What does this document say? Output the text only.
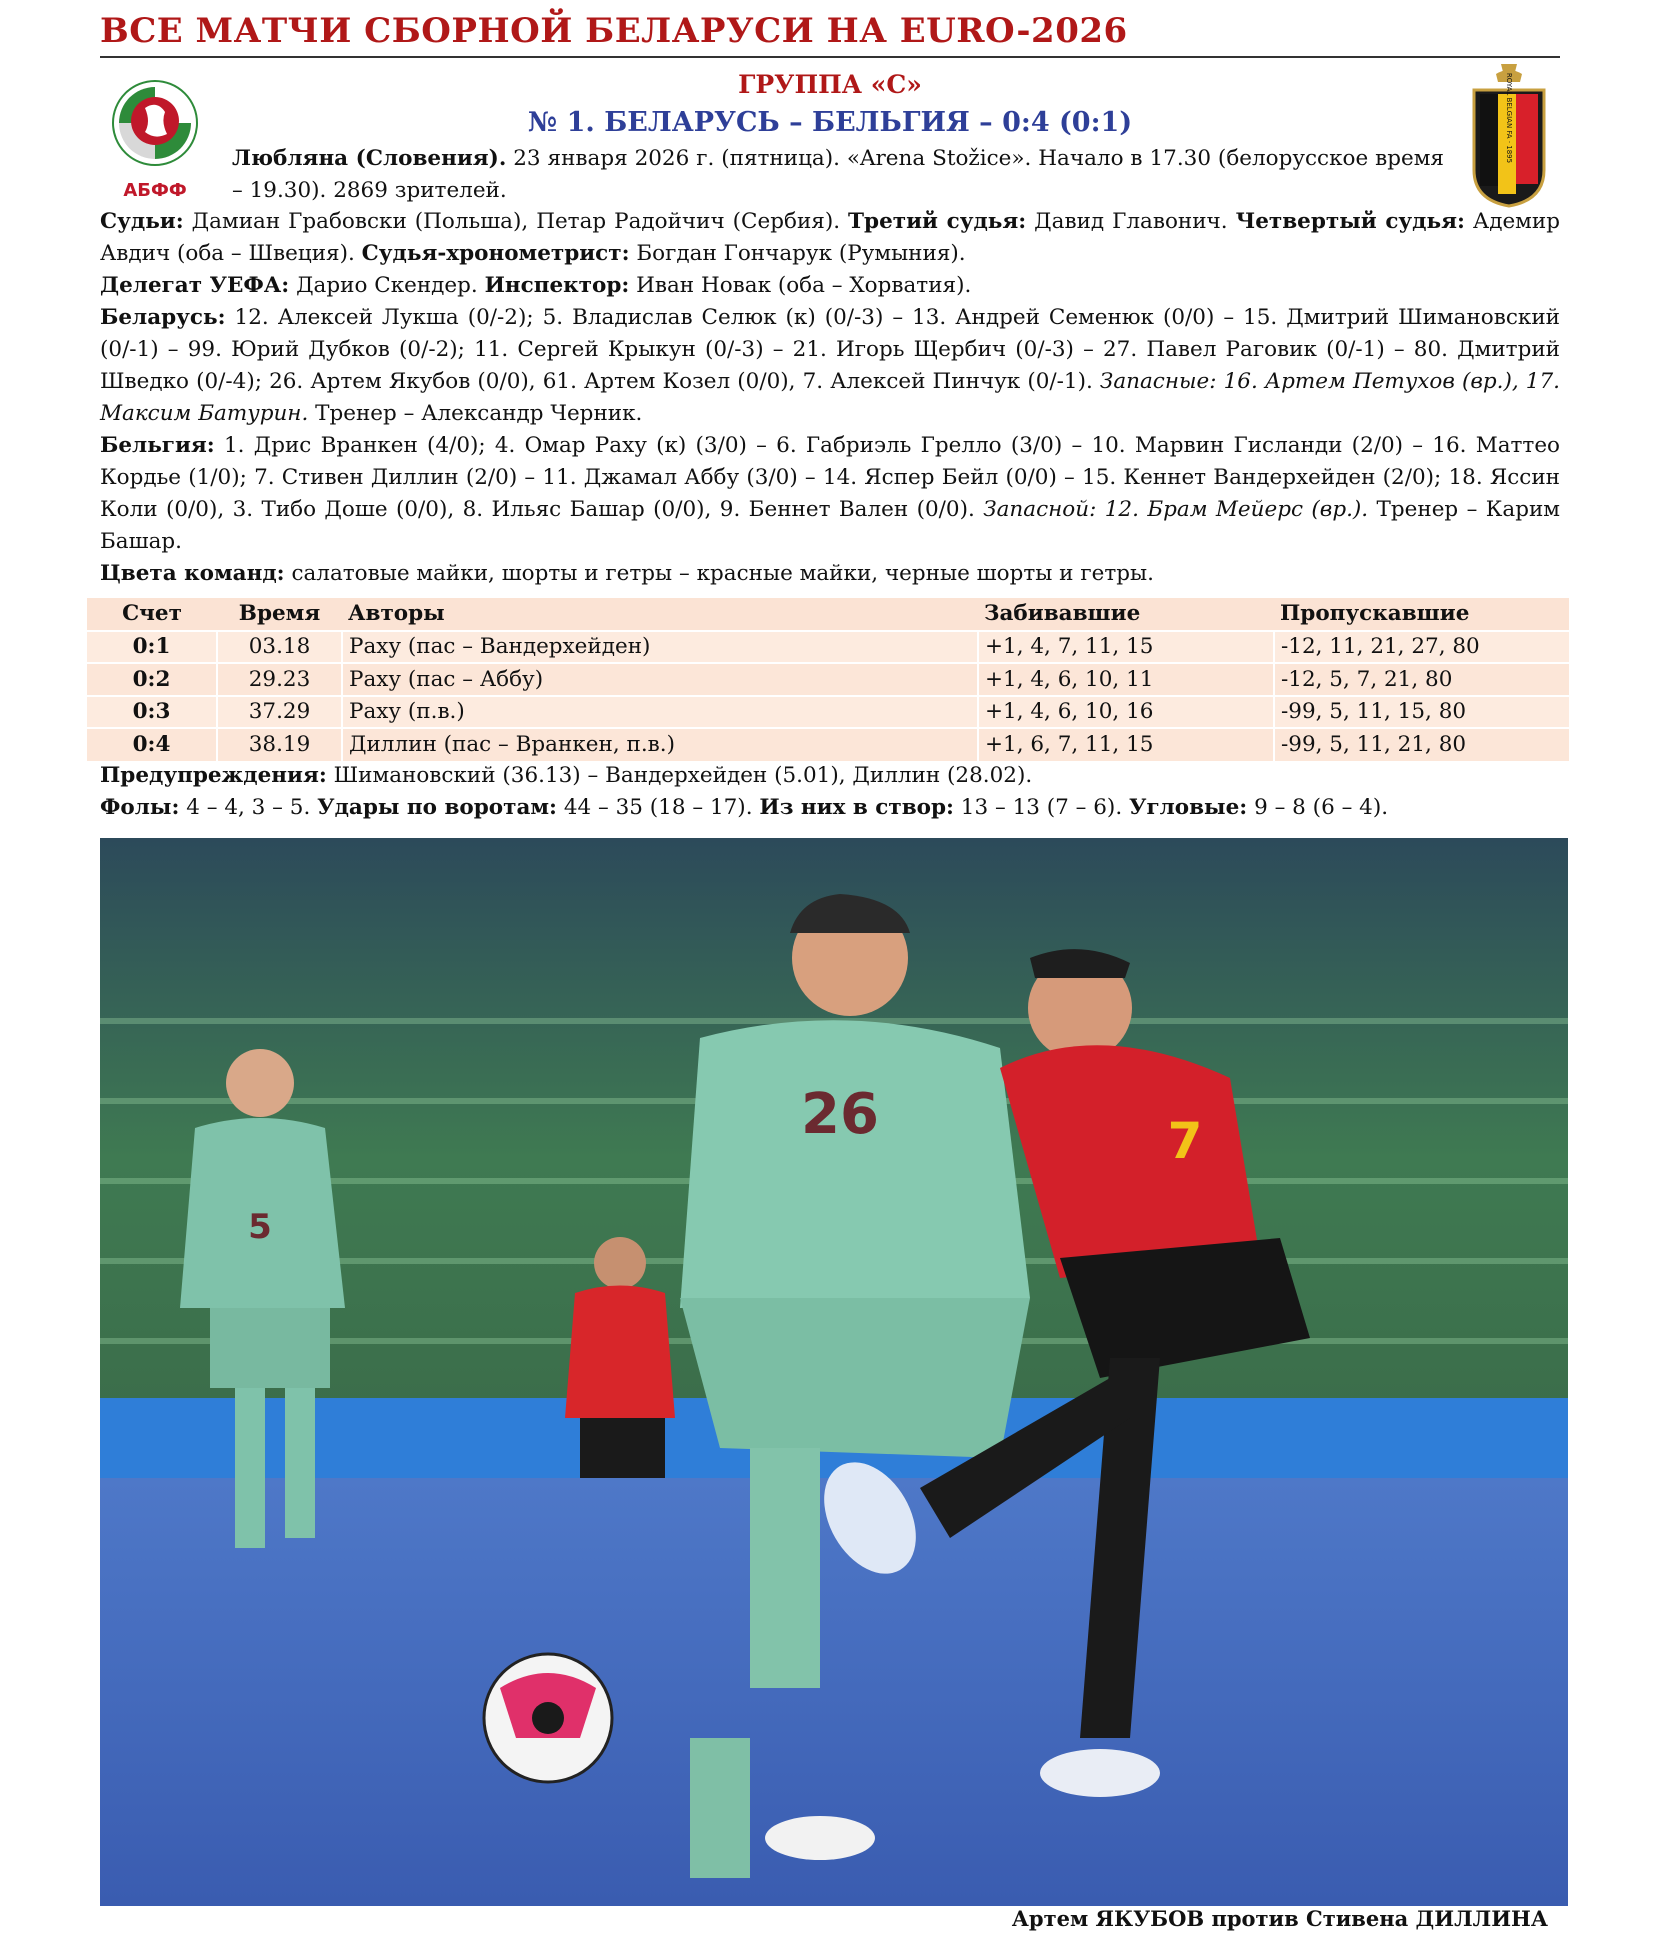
ВСЕ МАТЧИ СБОРНОЙ БЕЛАРУСИ НА EURO-2026
АБФФ
ROYAL BELGIAN FA · 1895
ГРУППА «С»
№ 1. БЕЛАРУСЬ – БЕЛЬГИЯ – 0:4 (0:1)
Любляна (Словения). 23 января 2026 г. (пятница). «Arena Stožice». Начало в 17.30 (белорусское время – 19.30). 2869 зрителей.
Судьи: Дамиан Грабовски (Польша), Петар Радойчич (Сербия). Третий судья: Давид Главонич. Четвертый судья: Адемир Авдич (оба – Швеция). Судья-хронометрист: Богдан Гончарук (Румыния).
Делегат УЕФА: Дарио Скендер. Инспектор: Иван Новак (оба – Хорватия).
Беларусь: 12. Алексей Лукша (0/-2); 5. Владислав Селюк (к) (0/-3) – 13. Андрей Семенюк (0/0) – 15. Дмитрий Шимановский (0/-1) – 99. Юрий Дубков (0/-2); 11. Сергей Крыкун (0/-3) – 21. Игорь Щербич (0/-3) – 27. Павел Раговик (0/-1) – 80. Дмитрий Шведко (0/-4); 26. Артем Якубов (0/0), 61. Артем Козел (0/0), 7. Алексей Пинчук (0/-1). Запасные: 16. Артем Петухов (вр.), 17. Максим Батурин. Тренер – Александр Черник.
Бельгия: 1. Дрис Вранкен (4/0); 4. Омар Раху (к) (3/0) – 6. Габриэль Грелло (3/0) – 10. Марвин Гисланди (2/0) – 16. Маттео Кордье (1/0); 7. Стивен Диллин (2/0) – 11. Джамал Аббу (3/0) – 14. Яспер Бейл (0/0) – 15. Кеннет Вандерхейден (2/0); 18. Яссин Коли (0/0), 3. Тибо Доше (0/0), 8. Ильяс Башар (0/0), 9. Беннет Вален (0/0). Запасной: 12. Брам Мейерс (вр.). Тренер – Карим Башар.
Цвета команд: салатовые майки, шорты и гетры – красные майки, черные шорты и гетры.
Счет	Время	Авторы	Забивавшие	Пропускавшие
0:1	03.18	Раху (пас – Вандерхейден)	+1, 4, 7, 11, 15	-12, 11, 21, 27, 80
0:2	29.23	Раху (пас – Аббу)	+1, 4, 6, 10, 11	-12, 5, 7, 21, 80
0:3	37.29	Раху (п.в.)	+1, 4, 6, 10, 16	-99, 5, 11, 15, 80
0:4	38.19	Диллин (пас – Вранкен, п.в.)	+1, 6, 7, 11, 15	-99, 5, 11, 21, 80
Предупреждения: Шимановский (36.13) – Вандерхейден (5.01), Диллин (28.02).
Фолы: 4 – 4, 3 – 5. Удары по воротам: 44 – 35 (18 – 17). Из них в створ: 13 – 13 (7 – 6). Угловые: 9 – 8 (6 – 4).
5
26	7
Артем ЯКУБОВ против Стивена ДИЛЛИНА
